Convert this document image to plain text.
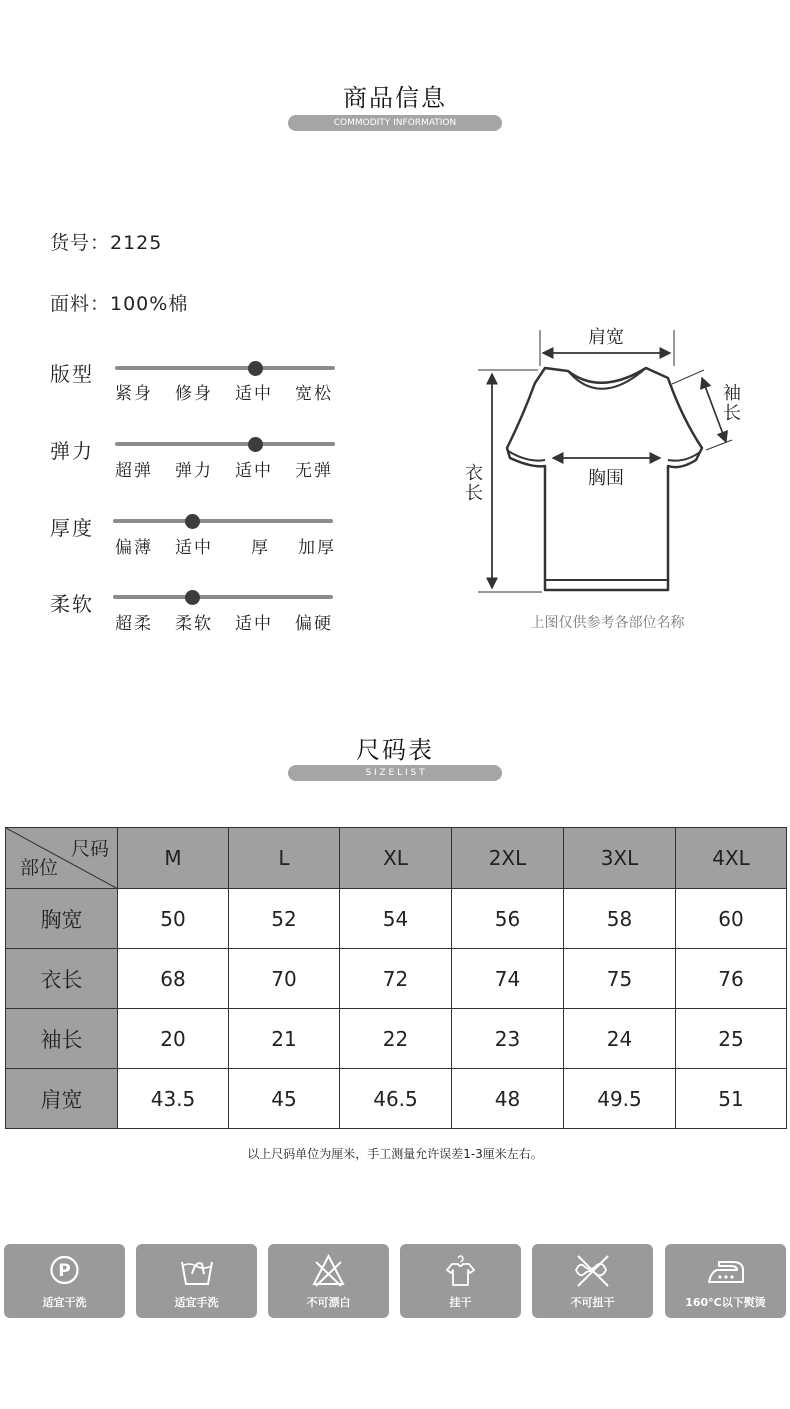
商品信息
COMMODITY INFORMATION
货号：2125
面料：100%棉
版型
紧身 修身 适中 宽松
弹力
超弹 弹力 适中 无弹
厚度
偏薄 适中 厚 加厚
柔软
超柔 柔软 适中 偏硬
肩宽
袖长
衣长
胸围
上图仅供参考各部位名称
尺码表
S I Z E L I S T
尺码
部位	M	L	XL	2XL	3XL	4XL
胸宽	50	52	54	56	58	60
衣长	68	70	72	74	75	76
袖长	20	21	22	23	24	25
肩宽	43.5	45	46.5	48	49.5	51
以上尺码单位为厘米，手工测量允许误差1-3厘米左右。
P
适宜干洗	适宜手洗	不可漂白	挂干	不可扭干	160°C以下熨烫
